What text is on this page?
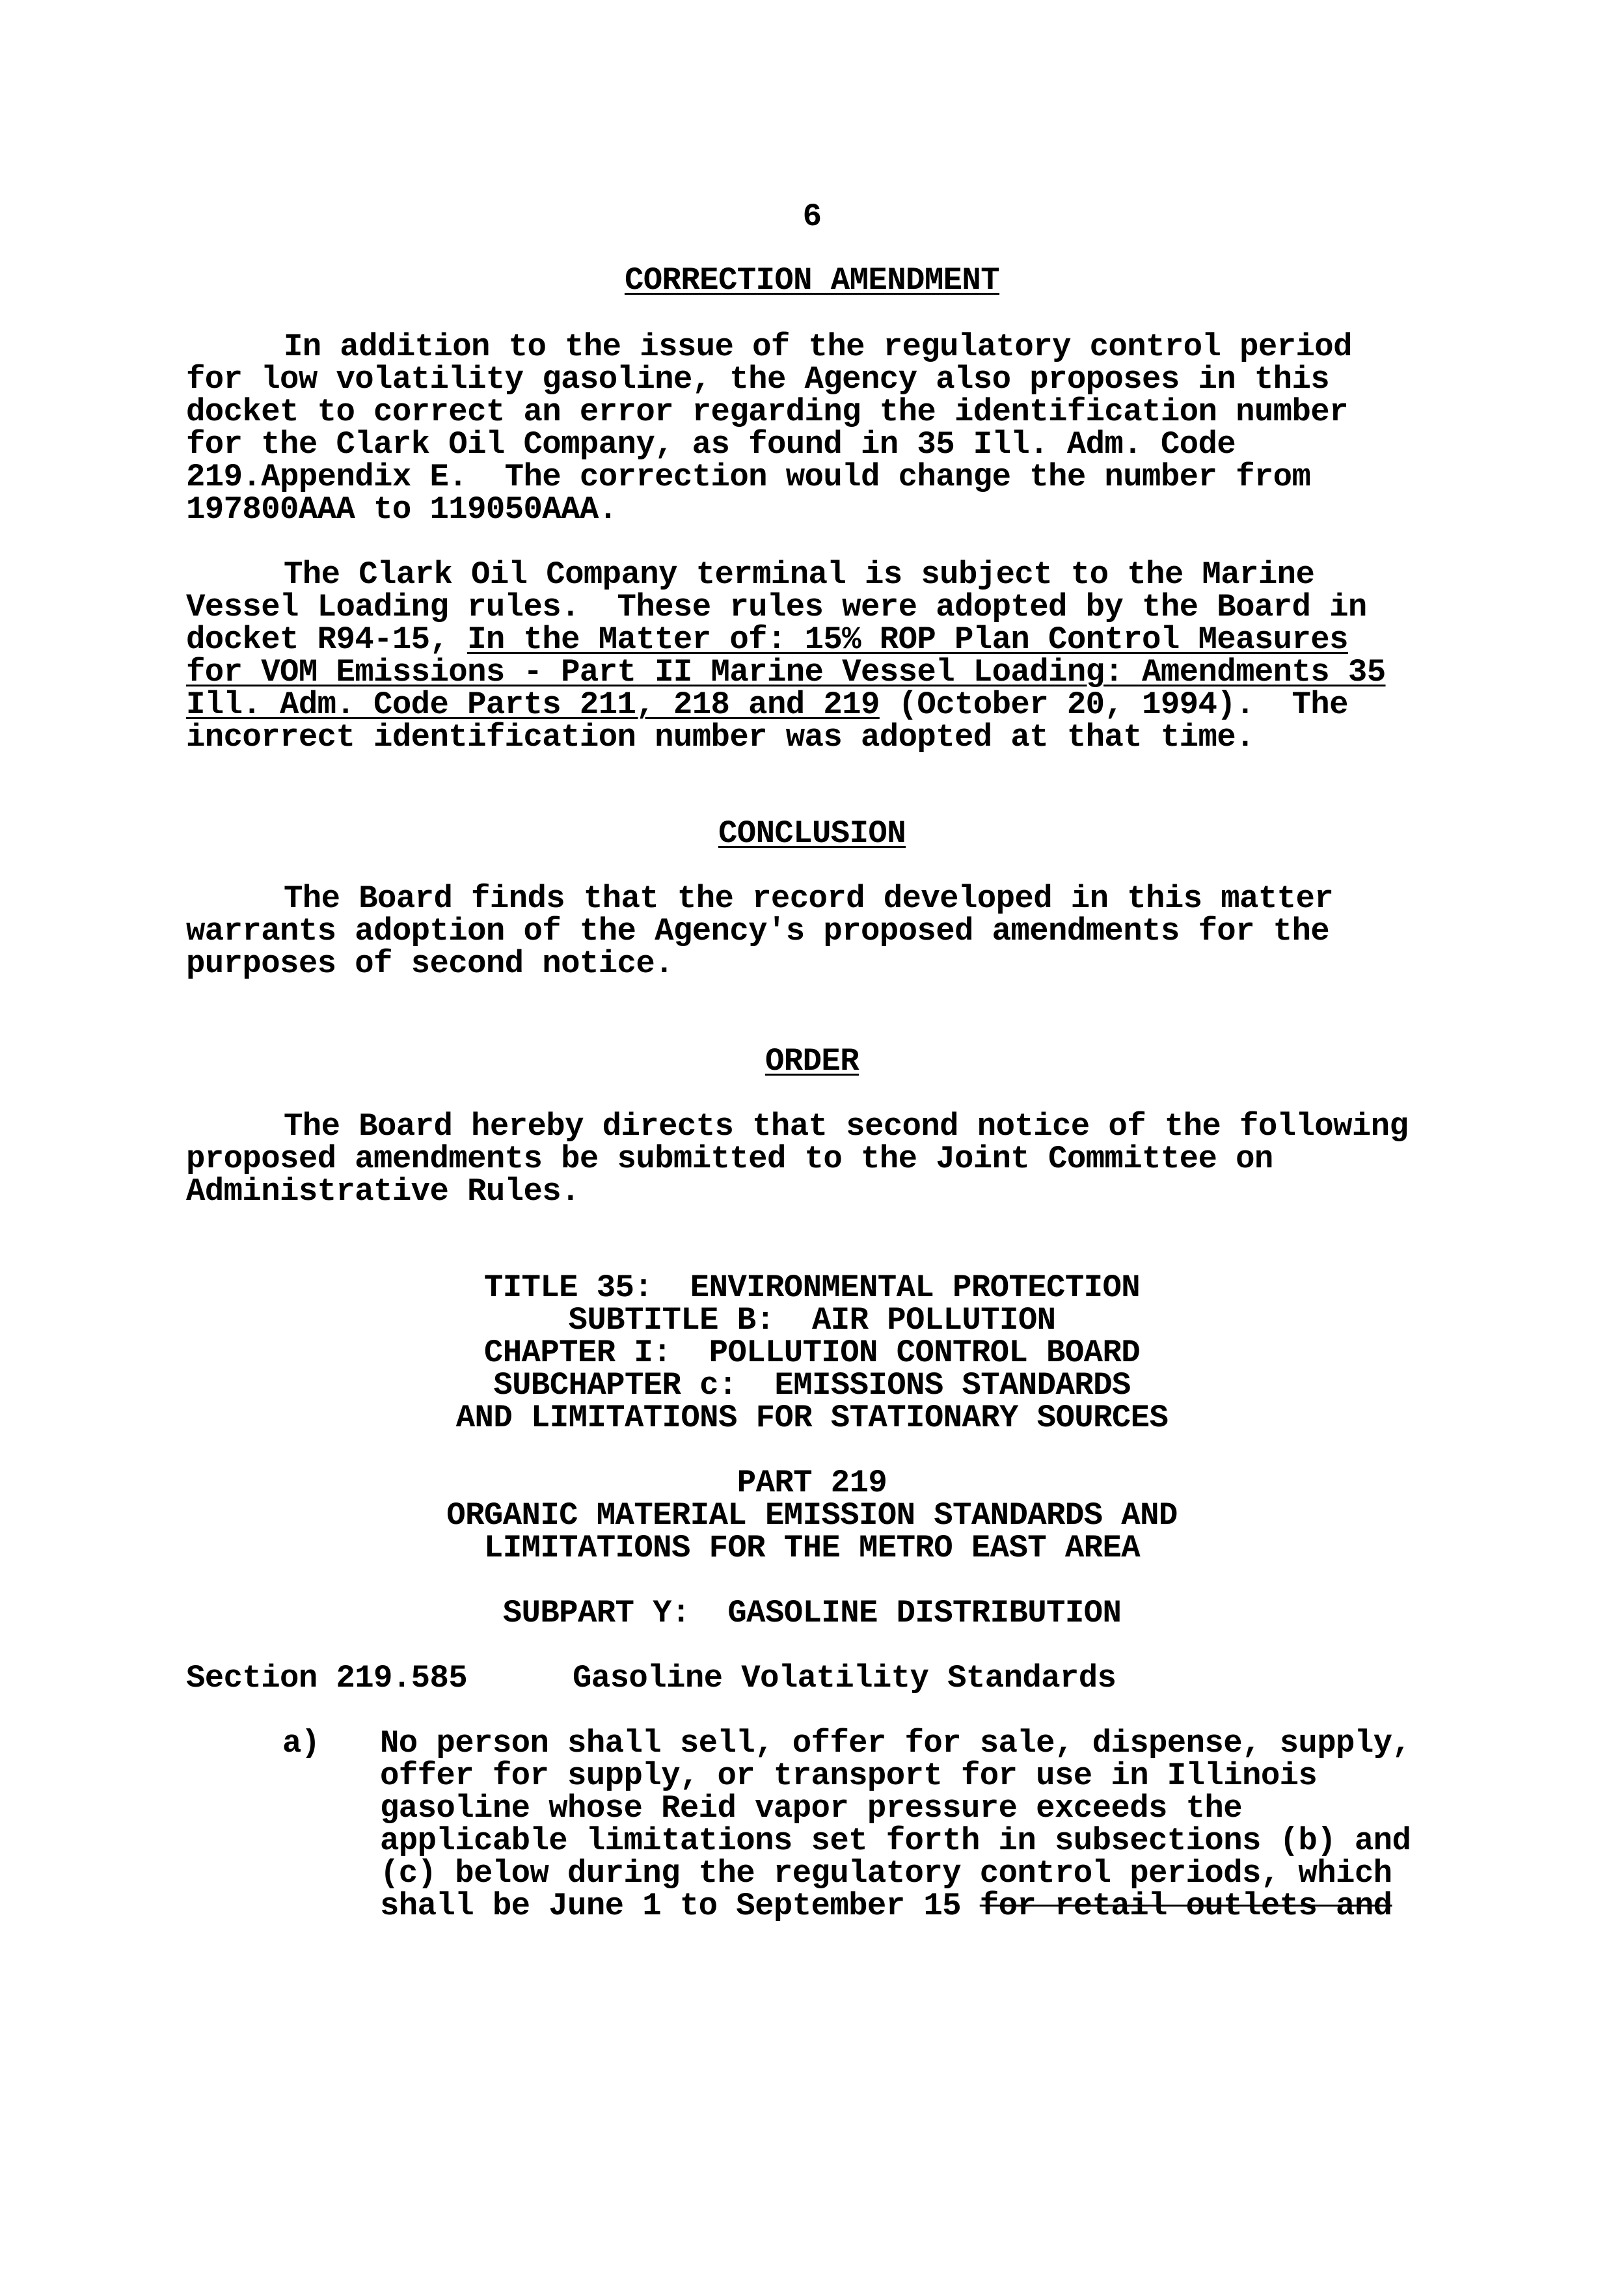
6
CORRECTION AMENDMENT
In addition to the issue of the regulatory control period
for low volatility gasoline, the Agency also proposes in this
docket to correct an error regarding the identification number
for the Clark Oil Company, as found in 35 Ill. Adm. Code
219.Appendix E.  The correction would change the number from
197800AAA to 119050AAA.
The Clark Oil Company terminal is subject to the Marine
Vessel Loading rules.  These rules were adopted by the Board in
docket R94-15, In the Matter of: 15% ROP Plan Control Measures
for VOM Emissions - Part II Marine Vessel Loading: Amendments 35
Ill. Adm. Code Parts 211, 218 and 219 (October 20, 1994).  The
incorrect identification number was adopted at that time.
CONCLUSION
The Board finds that the record developed in this matter
warrants adoption of the Agency's proposed amendments for the
purposes of second notice.
ORDER
The Board hereby directs that second notice of the following
proposed amendments be submitted to the Joint Committee on
Administrative Rules.
TITLE 35:  ENVIRONMENTAL PROTECTION
SUBTITLE B:  AIR POLLUTION
CHAPTER I:  POLLUTION CONTROL BOARD
SUBCHAPTER c:  EMISSIONS STANDARDS
AND LIMITATIONS FOR STATIONARY SOURCES
PART 219
ORGANIC MATERIAL EMISSION STANDARDS AND
LIMITATIONS FOR THE METRO EAST AREA
SUBPART Y:  GASOLINE DISTRIBUTION
Section 219.585	Gasoline Volatility Standards
a) No person shall sell, offer for sale, dispense, supply,
offer for supply, or transport for use in Illinois
gasoline whose Reid vapor pressure exceeds the
applicable limitations set forth in subsections (b) and
(c) below during the regulatory control periods, which
shall be June 1 to September 15 for retail outlets and
